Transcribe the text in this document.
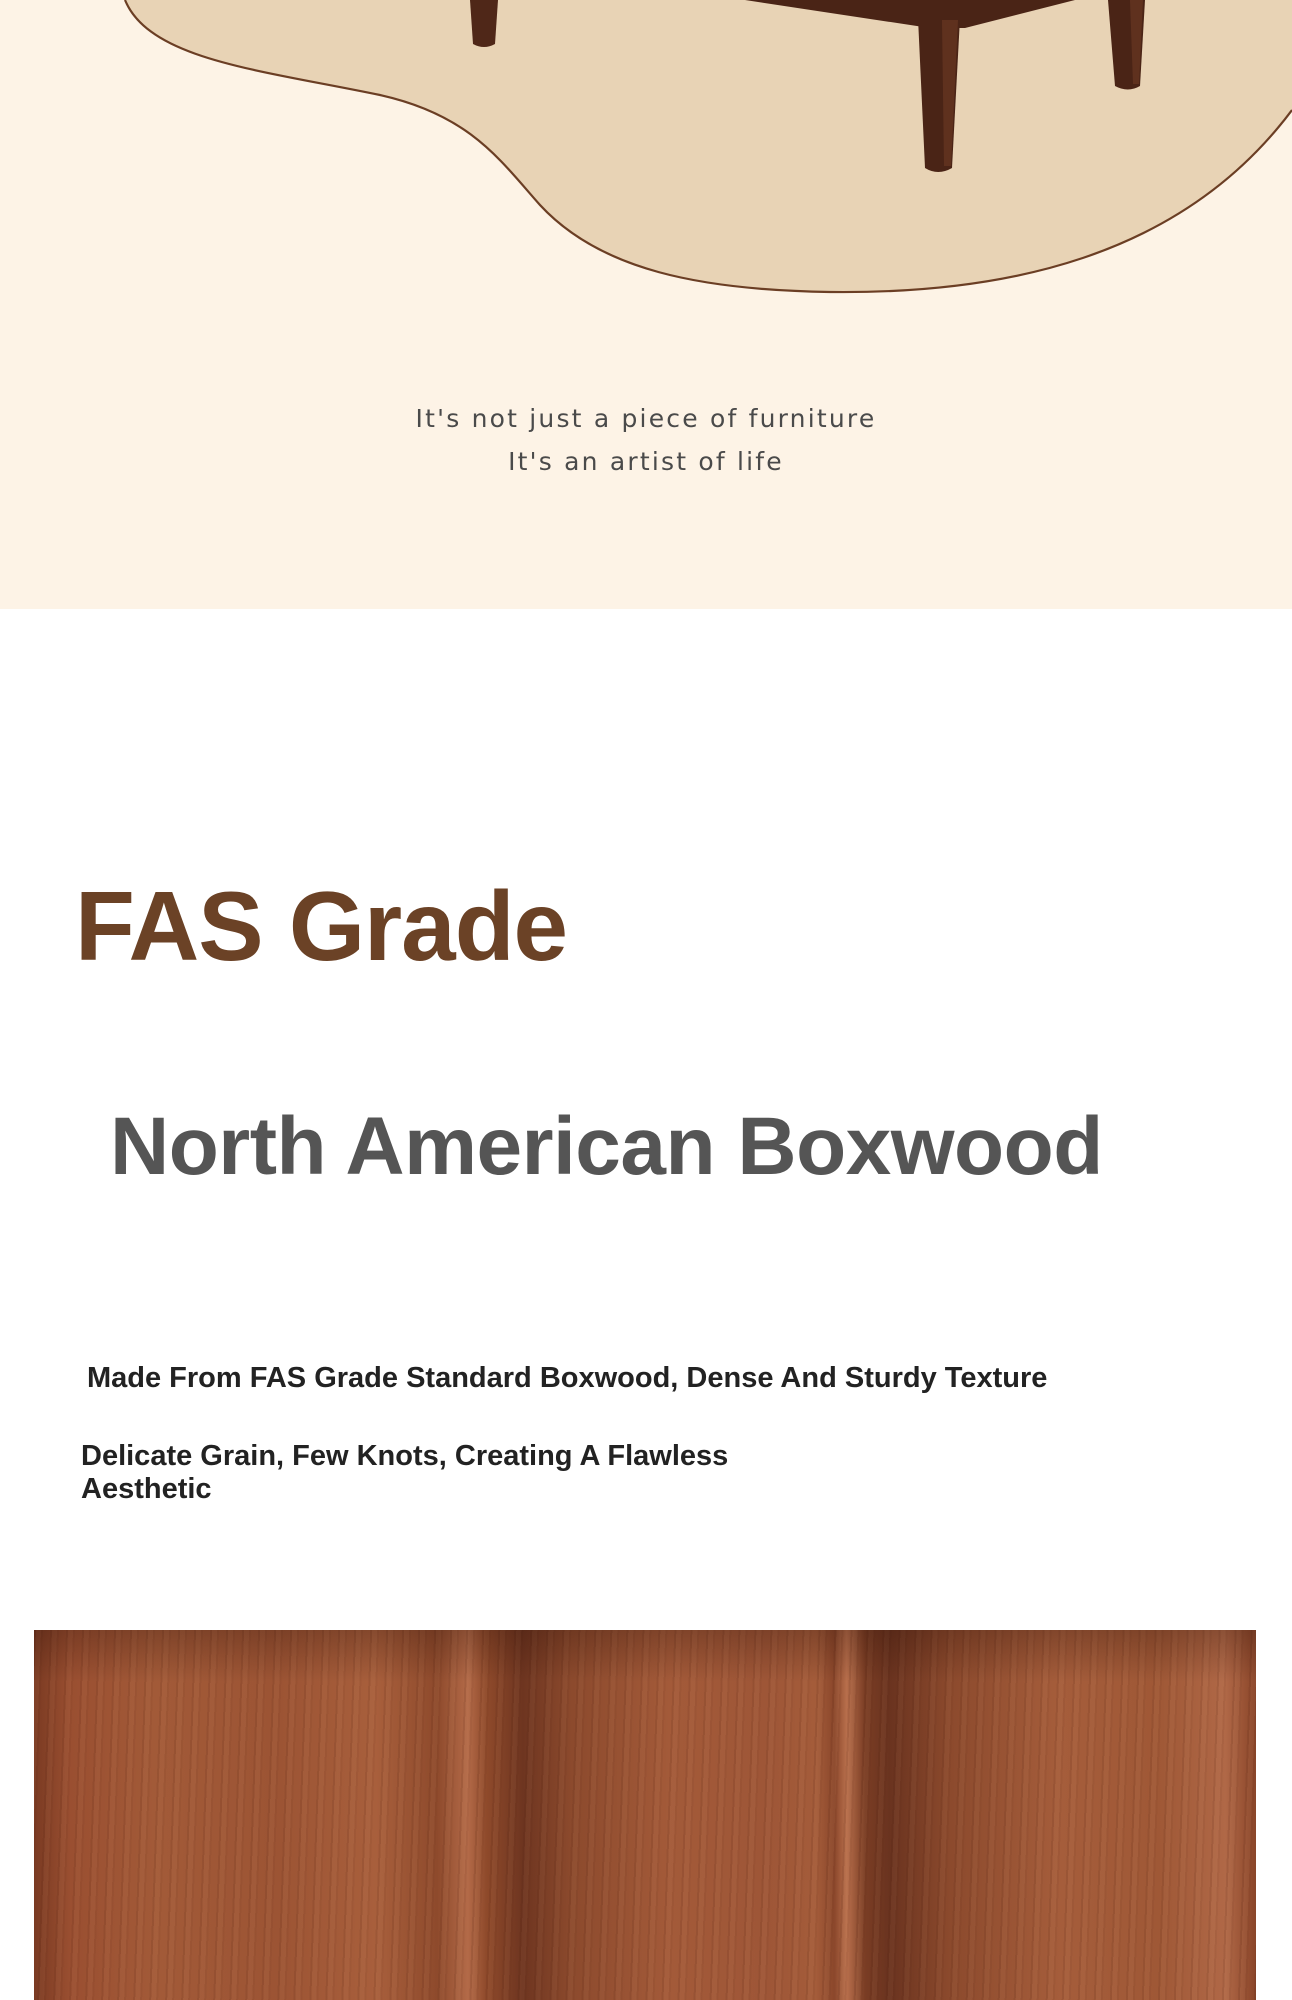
It's not just a piece of furniture
It's an artist of life
FAS Grade
North American Boxwood

Made From FAS Grade Standard Boxwood, Dense And Sturdy Texture

Delicate Grain, Few Knots, Creating A Flawless Aesthetic
